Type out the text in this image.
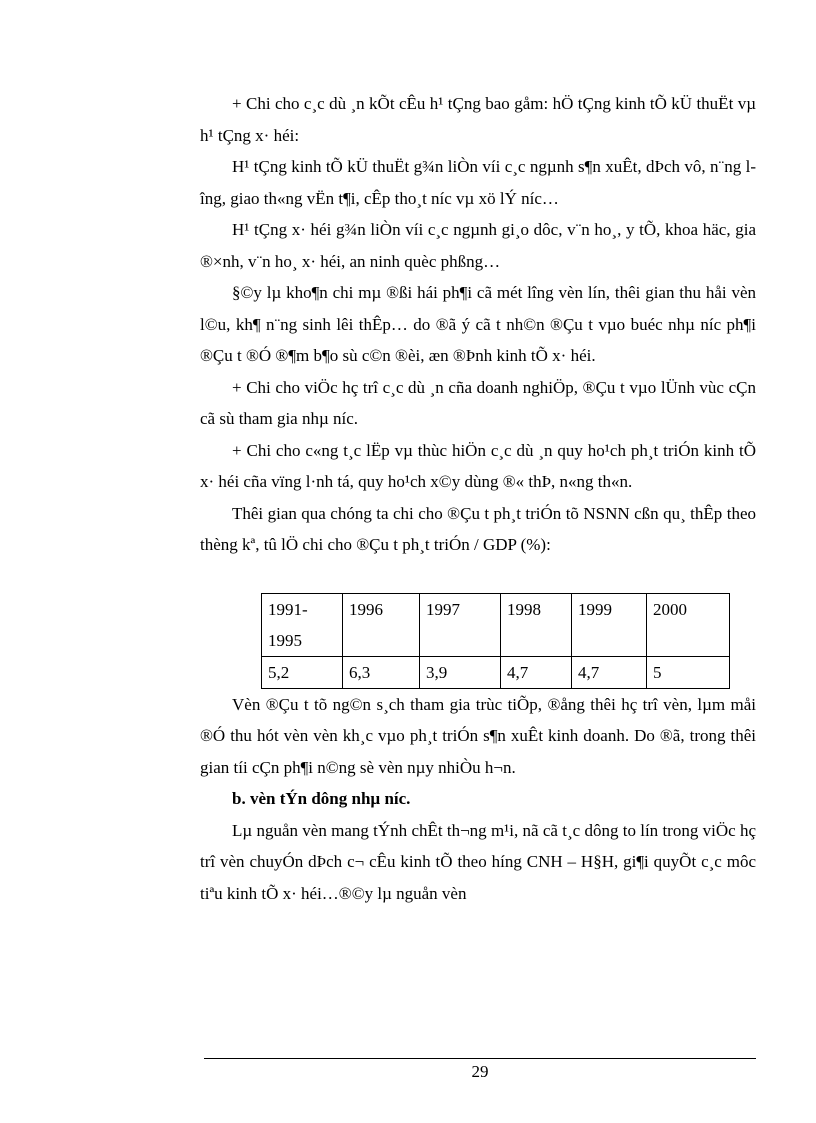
+ Chi cho c¸c dù ¸n kÕt cÊu h¹ tÇng bao gåm: hÖ tÇng kinh tÕ kÜ thuËt vµ h¹ tÇng x· héi:

H¹ tÇng kinh tÕ kÜ thuËt g¾n liÒn víi c¸c ngµnh s¶n xuÊt, dÞch vô, n¨ng lîng, giao th«ng vËn t¶i, cÊp tho¸t níc vµ xö lÝ níc…

H¹ tÇng x· héi g¾n liÒn víi c¸c ngµnh gi¸o dôc, v¨n ho¸, y tÕ, khoa häc, gia ®×nh, v¨n ho¸ x· héi, an ninh quèc phßng…

§©y lµ kho¶n chi mµ ®ßi hái ph¶i cã mét lîng vèn lín, thêi gian thu håi vèn l©u, kh¶ n¨ng sinh lêi thÊp… do ®ã ý cã t nh©n ®Çu t vµo buéc nhµ níc ph¶i ®Çu t ®Ó ®¶m b¶o sù c©n ®èi, æn ®Þnh kinh tÕ x· héi.

+ Chi cho viÖc hç trî c¸c dù ¸n cña doanh nghiÖp, ®Çu t vµo lÜnh vùc cÇn cã sù tham gia nhµ níc.

+ Chi cho c«ng t¸c lËp vµ thùc hiÖn c¸c dù ¸n quy ho¹ch ph¸t triÓn kinh tÕ x· héi cña vïng l·nh tá, quy ho¹ch x©y dùng ®« thÞ, n«ng th«n.

Thêi gian qua chóng ta chi cho ®Çu t ph¸t triÓn tõ NSNN cßn qu¸ thÊp theo thèng kª, tû lÖ chi cho ®Çu t ph¸t triÓn / GDP (%):

1991-1995	1996	1997	1998	1999	2000
5,2	6,3	3,9	4,7	4,7	5

Vèn ®Çu t tõ ng©n s¸ch tham gia trùc tiÕp, ®ång thêi hç trî vèn, lµm måi ®Ó thu hót vèn vèn kh¸c vµo ph¸t triÓn s¶n xuÊt kinh doanh. Do ®ã, trong thêi gian tíi cÇn ph¶i n©ng sè vèn nµy nhiÒu h¬n.

b. vèn tÝn dông nhµ níc.

Lµ nguån vèn mang tÝnh chÊt th¬ng m¹i, nã cã t¸c dông to lín trong viÖc hç trî vèn chuyÓn dÞch c¬ cÊu kinh tÕ theo híng CNH – H§H, gi¶i quyÕt c¸c môc tiªu kinh tÕ x· héi…®©y lµ nguån vèn

29
